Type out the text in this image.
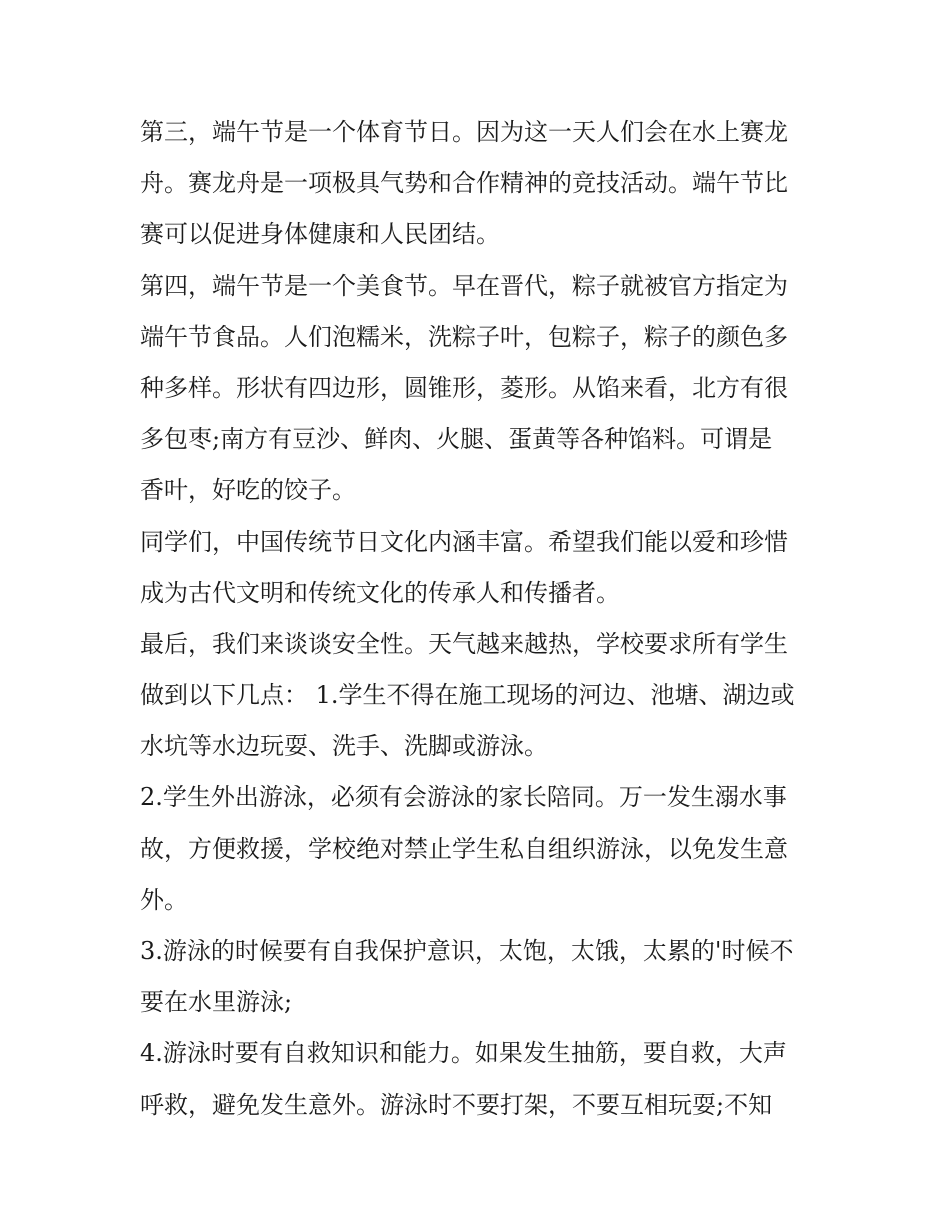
第三，端午节是一个体育节日。因为这一天人们会在水上赛龙
舟。赛龙舟是一项极具气势和合作精神的竞技活动。端午节比
赛可以促进身体健康和人民团结。
第四，端午节是一个美食节。早在晋代，粽子就被官方指定为
端午节食品。人们泡糯米，洗粽子叶，包粽子，粽子的颜色多
种多样。形状有四边形，圆锥形，菱形。从馅来看，北方有很
多包枣;南方有豆沙、鲜肉、火腿、蛋黄等各种馅料。可谓是
香叶，好吃的饺子。
同学们，中国传统节日文化内涵丰富。希望我们能以爱和珍惜
成为古代文明和传统文化的传承人和传播者。
最后，我们来谈谈安全性。天气越来越热，学校要求所有学生
做到以下几点： 1.学生不得在施工现场的河边、池塘、湖边或
水坑等水边玩耍、洗手、洗脚或游泳。
2.学生外出游泳，必须有会游泳的家长陪同。万一发生溺水事
故，方便救援，学校绝对禁止学生私自组织游泳，以免发生意
外。
3.游泳的时候要有自我保护意识，太饱，太饿，太累的'时候不
要在水里游泳;
4.游泳时要有自救知识和能力。如果发生抽筋，要自救，大声
呼救，避免发生意外。游泳时不要打架，不要互相玩耍;不知
